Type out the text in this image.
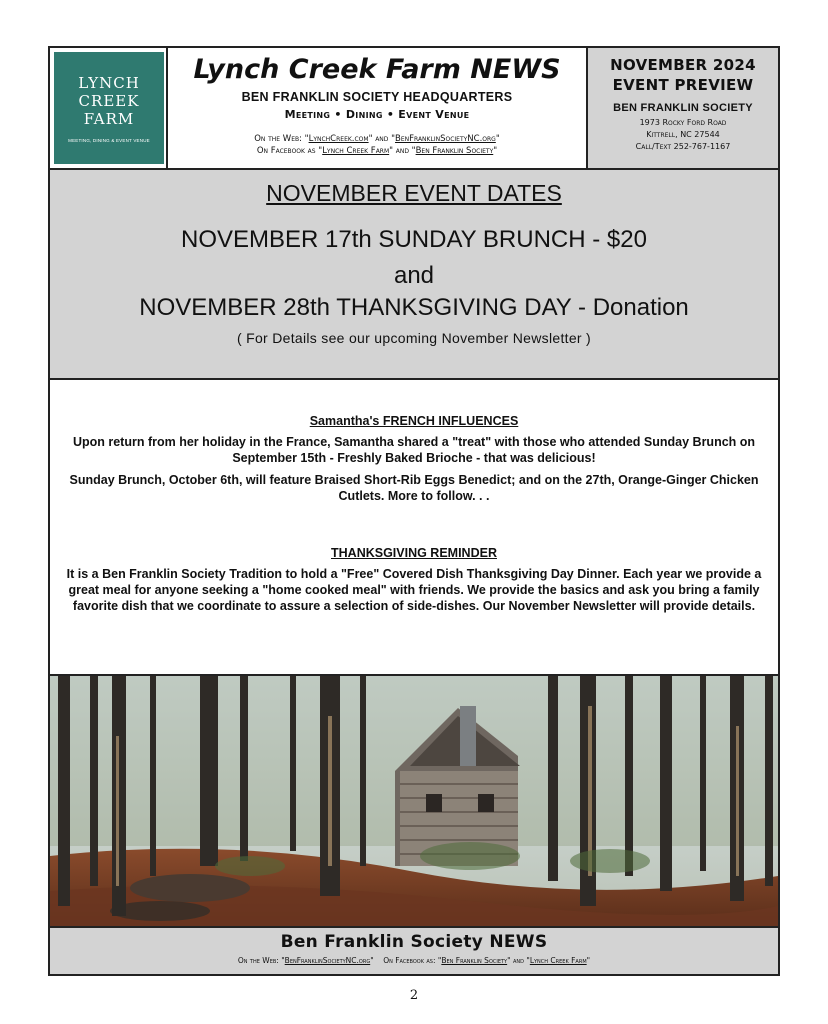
LYNCH
CREEK
FARM
MEETING, DINING & EVENT VENUE
Lynch Creek Farm NEWS
BEN FRANKLIN SOCIETY HEADQUARTERS
Meeting • Dining • Event Venue
On the Web: "LynchCreek.com" and "BenFranklinSocietyNC.org"
On Facebook as "Lynch Creek Farm" and "Ben Franklin Society"
NOVEMBER 2024
EVENT PREVIEW
BEN FRANKLIN SOCIETY
1973 Rocky Ford Road
Kittrell, NC 27544
Call/Text 252-767-1167
NOVEMBER EVENT DATES
NOVEMBER 17th SUNDAY BRUNCH - $20
and
NOVEMBER 28th THANKSGIVING DAY - Donation
( For Details see our upcoming November Newsletter )
Samantha's FRENCH INFLUENCES
Upon return from her holiday in the France, Samantha shared a "treat" with those who attended Sunday Brunch on September 15th - Freshly Baked Brioche - that was delicious!
Sunday Brunch, October 6th, will feature Braised Short-Rib Eggs Benedict; and on the 27th, Orange-Ginger Chicken Cutlets. More to follow. . .
THANKSGIVING REMINDER
It is a Ben Franklin Society Tradition to hold a "Free" Covered Dish Thanksgiving Day Dinner. Each year we provide a great meal for anyone seeking a "home cooked meal" with friends. We provide the basics and ask you bring a family favorite dish that we coordinate to assure a selection of side-dishes. Our November Newsletter will provide details.
Ben Franklin Society NEWS
On the Web: "BenFranklinSocietyNC.org" On Facebook as: "Ben Franklin Society" and "Lynch Creek Farm"
2
